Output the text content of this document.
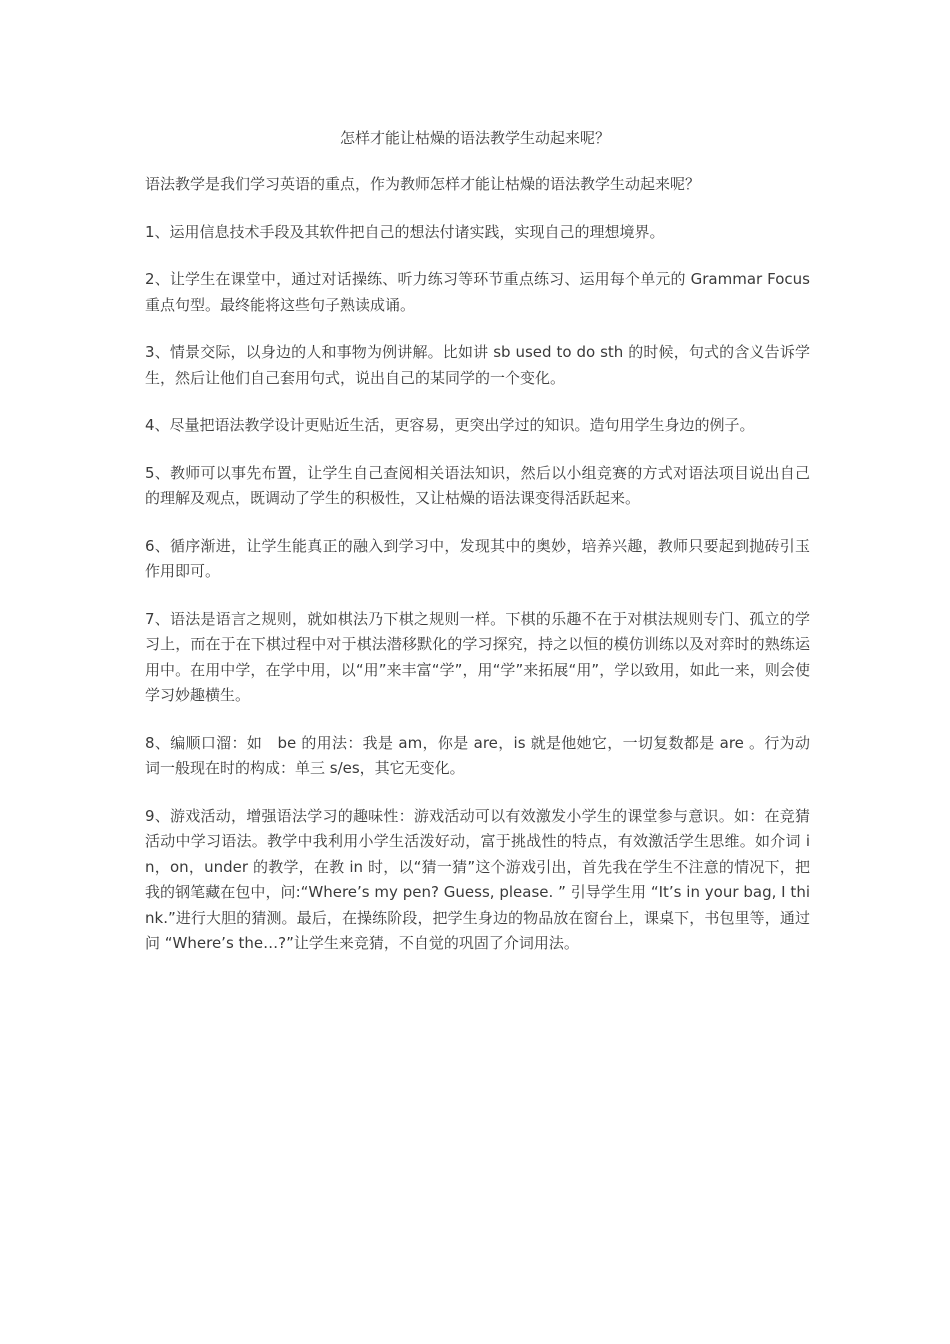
怎样才能让枯燥的语法教学生动起来呢？

语法教学是我们学习英语的重点，作为教师怎样才能让枯燥的语法教学生动起来呢？

1、运用信息技术手段及其软件把自己的想法付诸实践，实现自己的理想境界。

2、让学生在课堂中，通过对话操练、听力练习等环节重点练习、运用每个单元的 Grammar Focus 重点句型。最终能将这些句子熟读成诵。

3、情景交际，以身边的人和事物为例讲解。比如讲 sb used to do sth 的时候，句式的含义告诉学生，然后让他们自己套用句式，说出自己的某同学的一个变化。

4、尽量把语法教学设计更贴近生活，更容易，更突出学过的知识。造句用学生身边的例子。

5、教师可以事先布置，让学生自己查阅相关语法知识，然后以小组竞赛的方式对语法项目说出自己的理解及观点，既调动了学生的积极性，又让枯燥的语法课变得活跃起来。

6、循序渐进，让学生能真正的融入到学习中，发现其中的奥妙，培养兴趣，教师只要起到抛砖引玉作用即可。

7、语法是语言之规则，就如棋法乃下棋之规则一样。下棋的乐趣不在于对棋法规则专门、孤立的学习上，而在于在下棋过程中对于棋法潜移默化的学习探究，持之以恒的模仿训练以及对弈时的熟练运用中。在用中学，在学中用，以“用”来丰富“学”，用“学”来拓展“用”，学以致用，如此一来，则会使学习妙趣横生。

8、编顺口溜：如　be 的用法：我是 am，你是 are，is 就是他她它，一切复数都是 are 。行为动词一般现在时的构成：单三 s/es，其它无变化。

9、游戏活动，增强语法学习的趣味性：游戏活动可以有效激发小学生的课堂参与意识。如：在竞猜活动中学习语法。教学中我利用小学生活泼好动，富于挑战性的特点，有效激活学生思维。如介词 in，on，under 的教学，在教 in 时，以“猜一猜”这个游戏引出，首先我在学生不注意的情况下，把我的钢笔藏在包中，问:“Where’s my pen? Guess, please. ” 引导学生用 “It’s in your bag, I think.”进行大胆的猜测。最后，在操练阶段，把学生身边的物品放在窗台上，课桌下，书包里等，通过问 “Where’s the…?”让学生来竞猜，不自觉的巩固了介词用法。
